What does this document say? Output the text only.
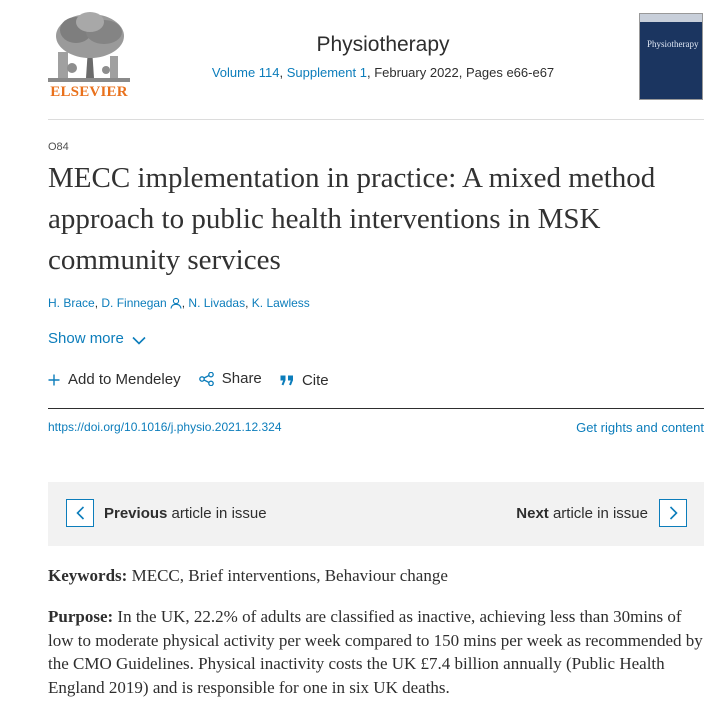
ELSEVIER
Physiotherapy
Volume 114, Supplement 1, February 2022, Pages e66-e67
Physiotherapy
O84
MECC implementation in practice: A mixed method approach to public health interventions in MSK community services
H. Brace, D. Finnegan , N. Livadas, K. Lawless
Show more
Add to Mendeley
	Share
	Cite
https://doi.org/10.1016/j.physio.2021.12.324	Get rights and content
Previous article in issue	Next article in issue
Keywords: MECC, Brief interventions, Behaviour change
Purpose: In the UK, 22.2% of adults are classified as inactive, achieving less than 30mins of low to moderate physical activity per week compared to 150 mins per week as recommended by the CMO Guidelines. Physical inactivity costs the UK £7.4 billion annually (Public Health England 2019) and is responsible for one in six UK deaths.
